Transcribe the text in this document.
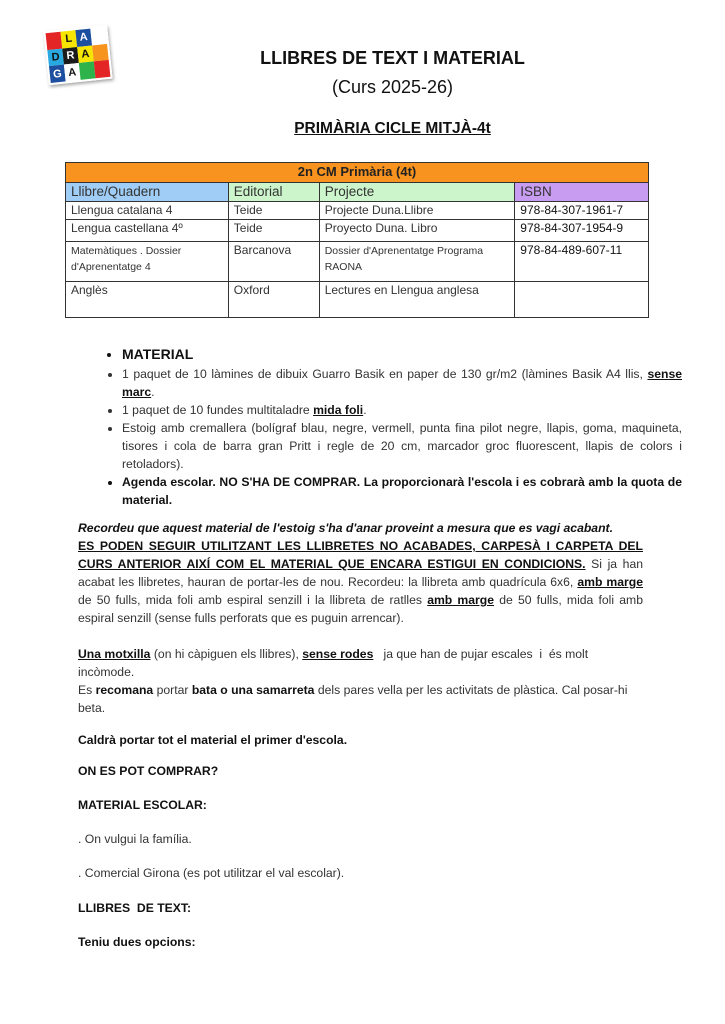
L A
D R A
G A
LLIBRES DE TEXT I MATERIAL
(Curs 2025-26)
PRIMÀRIA CICLE MITJÀ-4t
2n CM Primària (4t)			
Llibre/Quadern	Editorial	Projecte	ISBN
Llengua catalana 4	Teide	Projecte Duna.Llibre	978-84-307-1961-7
Lengua castellana 4º	Teide	Proyecto Duna. Libro	978-84-307-1954-9
Matemàtiques . Dossier d'Aprenentatge 4	Barcanova	Dossier d'Aprenentatge Programa RAONA	978-84-489-607-11
Anglès	Oxford	Lectures en Llengua anglesa	
• MATERIAL
• 1 paquet de 10 làmines de dibuix Guarro Basik en paper de 130 gr/m2 (làmines Basik A4 llis, sense marc.
• 1 paquet de 10 fundes multitaladre mida foli.
• Estoig amb cremallera (bolígraf blau, negre, vermell, punta fina pilot negre, llapis, goma, maquineta, tisores i cola de barra gran Pritt i regle de 20 cm, marcador groc fluorescent, llapis de colors i retoladors).
• Agenda escolar. NO S'HA DE COMPRAR. La proporcionarà l'escola i es cobrarà amb la quota de material.
Recordeu que aquest material de l'estoig s'ha d'anar proveint a mesura que es vagi acabant.
ES PODEN SEGUIR UTILITZANT LES LLIBRETES NO ACABADES, CARPESÀ I CARPETA DEL CURS ANTERIOR AIXÍ COM EL MATERIAL QUE ENCARA ESTIGUI EN CONDICIONS. Si ja han acabat les llibretes, hauran de portar-les de nou. Recordeu: la llibreta amb quadrícula 6x6, amb marge de 50 fulls, mida foli amb espiral senzill i la llibreta de ratlles amb marge de 50 fulls, mida foli amb espiral senzill (sense fulls perforats que es puguin arrencar).
Una motxilla (on hi càpiguen els llibres), sense rodes   ja que han de pujar escales  i  és molt incòmode.
Es recomana portar bata o una samarreta dels pares vella per les activitats de plàstica. Cal posar-hi beta.
Caldrà portar tot el material el primer d'escola.
ON ES POT COMPRAR?
MATERIAL ESCOLAR:
. On vulgui la família.
. Comercial Girona (es pot utilitzar el val escolar).
LLIBRES  DE TEXT:
Teniu dues opcions:
